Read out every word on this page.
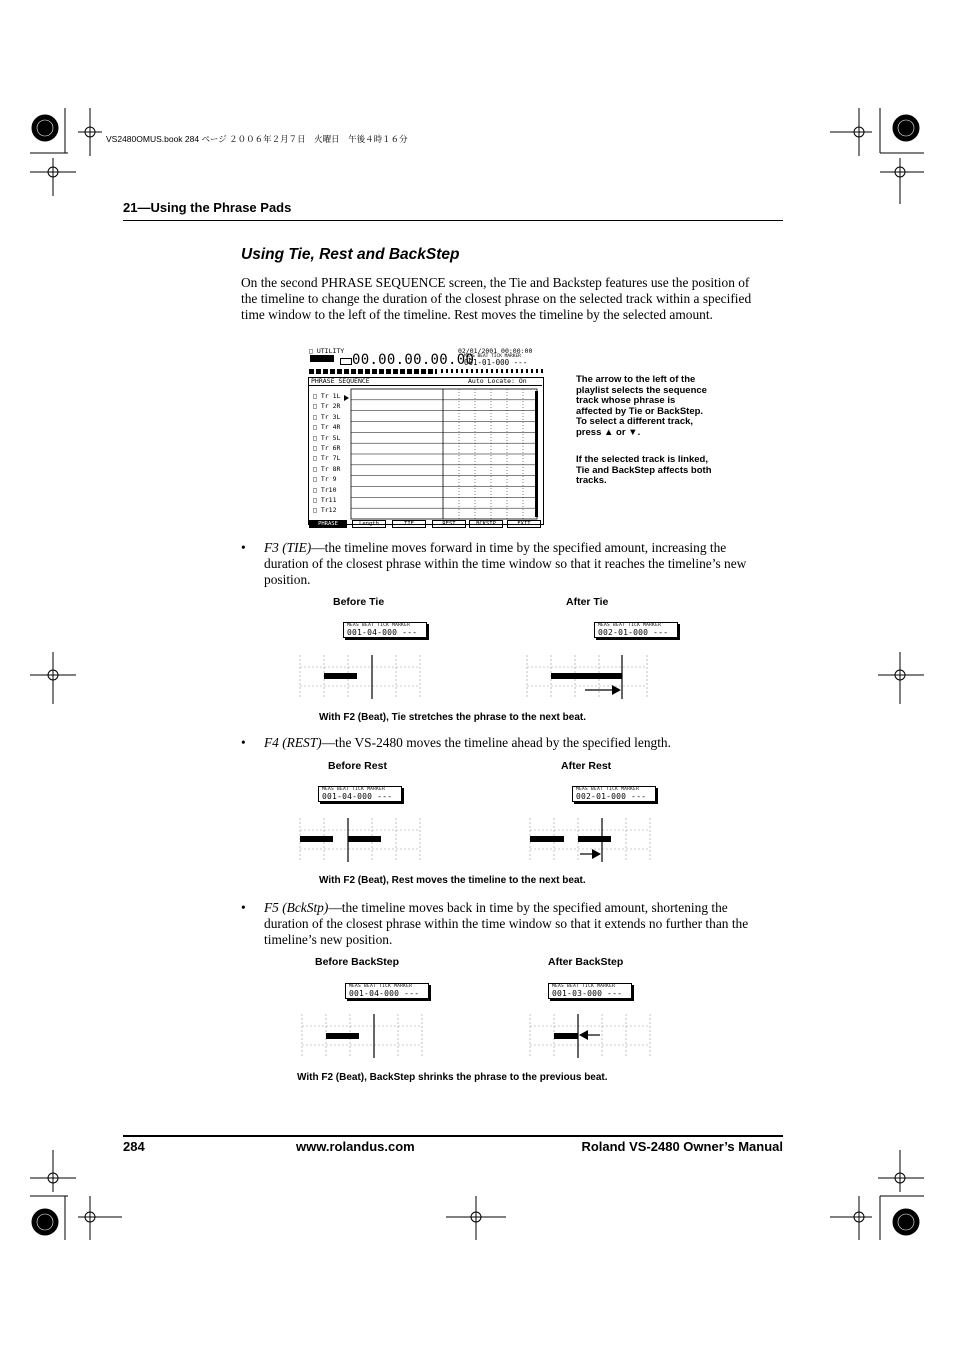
VS2480OMUS.book 284 ページ ２００６年２月７日　火曜日　午後４時１６分
21—Using the Phrase Pads
Using Tie, Rest and BackStep
On the second PHRASE SEQUENCE screen, the Tie and Backstep features use the position of the timeline to change the duration of the closest phrase on the selected track within a specified time window to the left of the timeline. Rest moves the timeline by the selected amount.
□ UTILITY	02/01/2001 00:00:00
00.00.00.00.00
MEAS BEAT TICK MARKER
001-01-000 ---
PHRASE SEQUENCE	Auto Locate: On
□ Tr 1L
□ Tr 2R
□ Tr 3L
□ Tr 4R
□ Tr 5L
□ Tr 6R
□ Tr 7L
□ Tr 8R
□ Tr 9
□ Tr10
□ Tr11
□ Tr12
PHRASE	Length	TIE	REST	BCKSTP	EXIT
The arrow to the left of the playlist selects the sequence track whose phrase is affected by Tie or BackStep. To select a different track, press ▲ or ▼.
If the selected track is linked, Tie and BackStep affects both tracks.
• F3 (TIE)—the timeline moves forward in time by the specified amount, increasing the duration of the closest phrase within the time window so that it reaches the timeline’s new position.
Before Tie	After Tie
MEAS BEAT TICK MARKER
001-04-000 ---
MEAS BEAT TICK MARKER
002-01-000 ---
With F2 (Beat), Tie stretches the phrase to the next beat.
• F4 (REST)—the VS-2480 moves the timeline ahead by the specified length.
Before Rest	After Rest
MEAS BEAT TICK MARKER
001-04-000 ---
MEAS BEAT TICK MARKER
002-01-000 ---
With F2 (Beat), Rest moves the timeline to the next beat.
• F5 (BckStp)—the timeline moves back in time by the specified amount, shortening the duration of the closest phrase within the time window so that it extends no further than the timeline’s new position.
Before BackStep	After BackStep
MEAS BEAT TICK MARKER
001-04-000 ---
MEAS BEAT TICK MARKER
001-03-000 ---
With F2 (Beat), BackStep shrinks the phrase to the previous beat.
284	www.rolandus.com	Roland VS-2480 Owner’s Manual
